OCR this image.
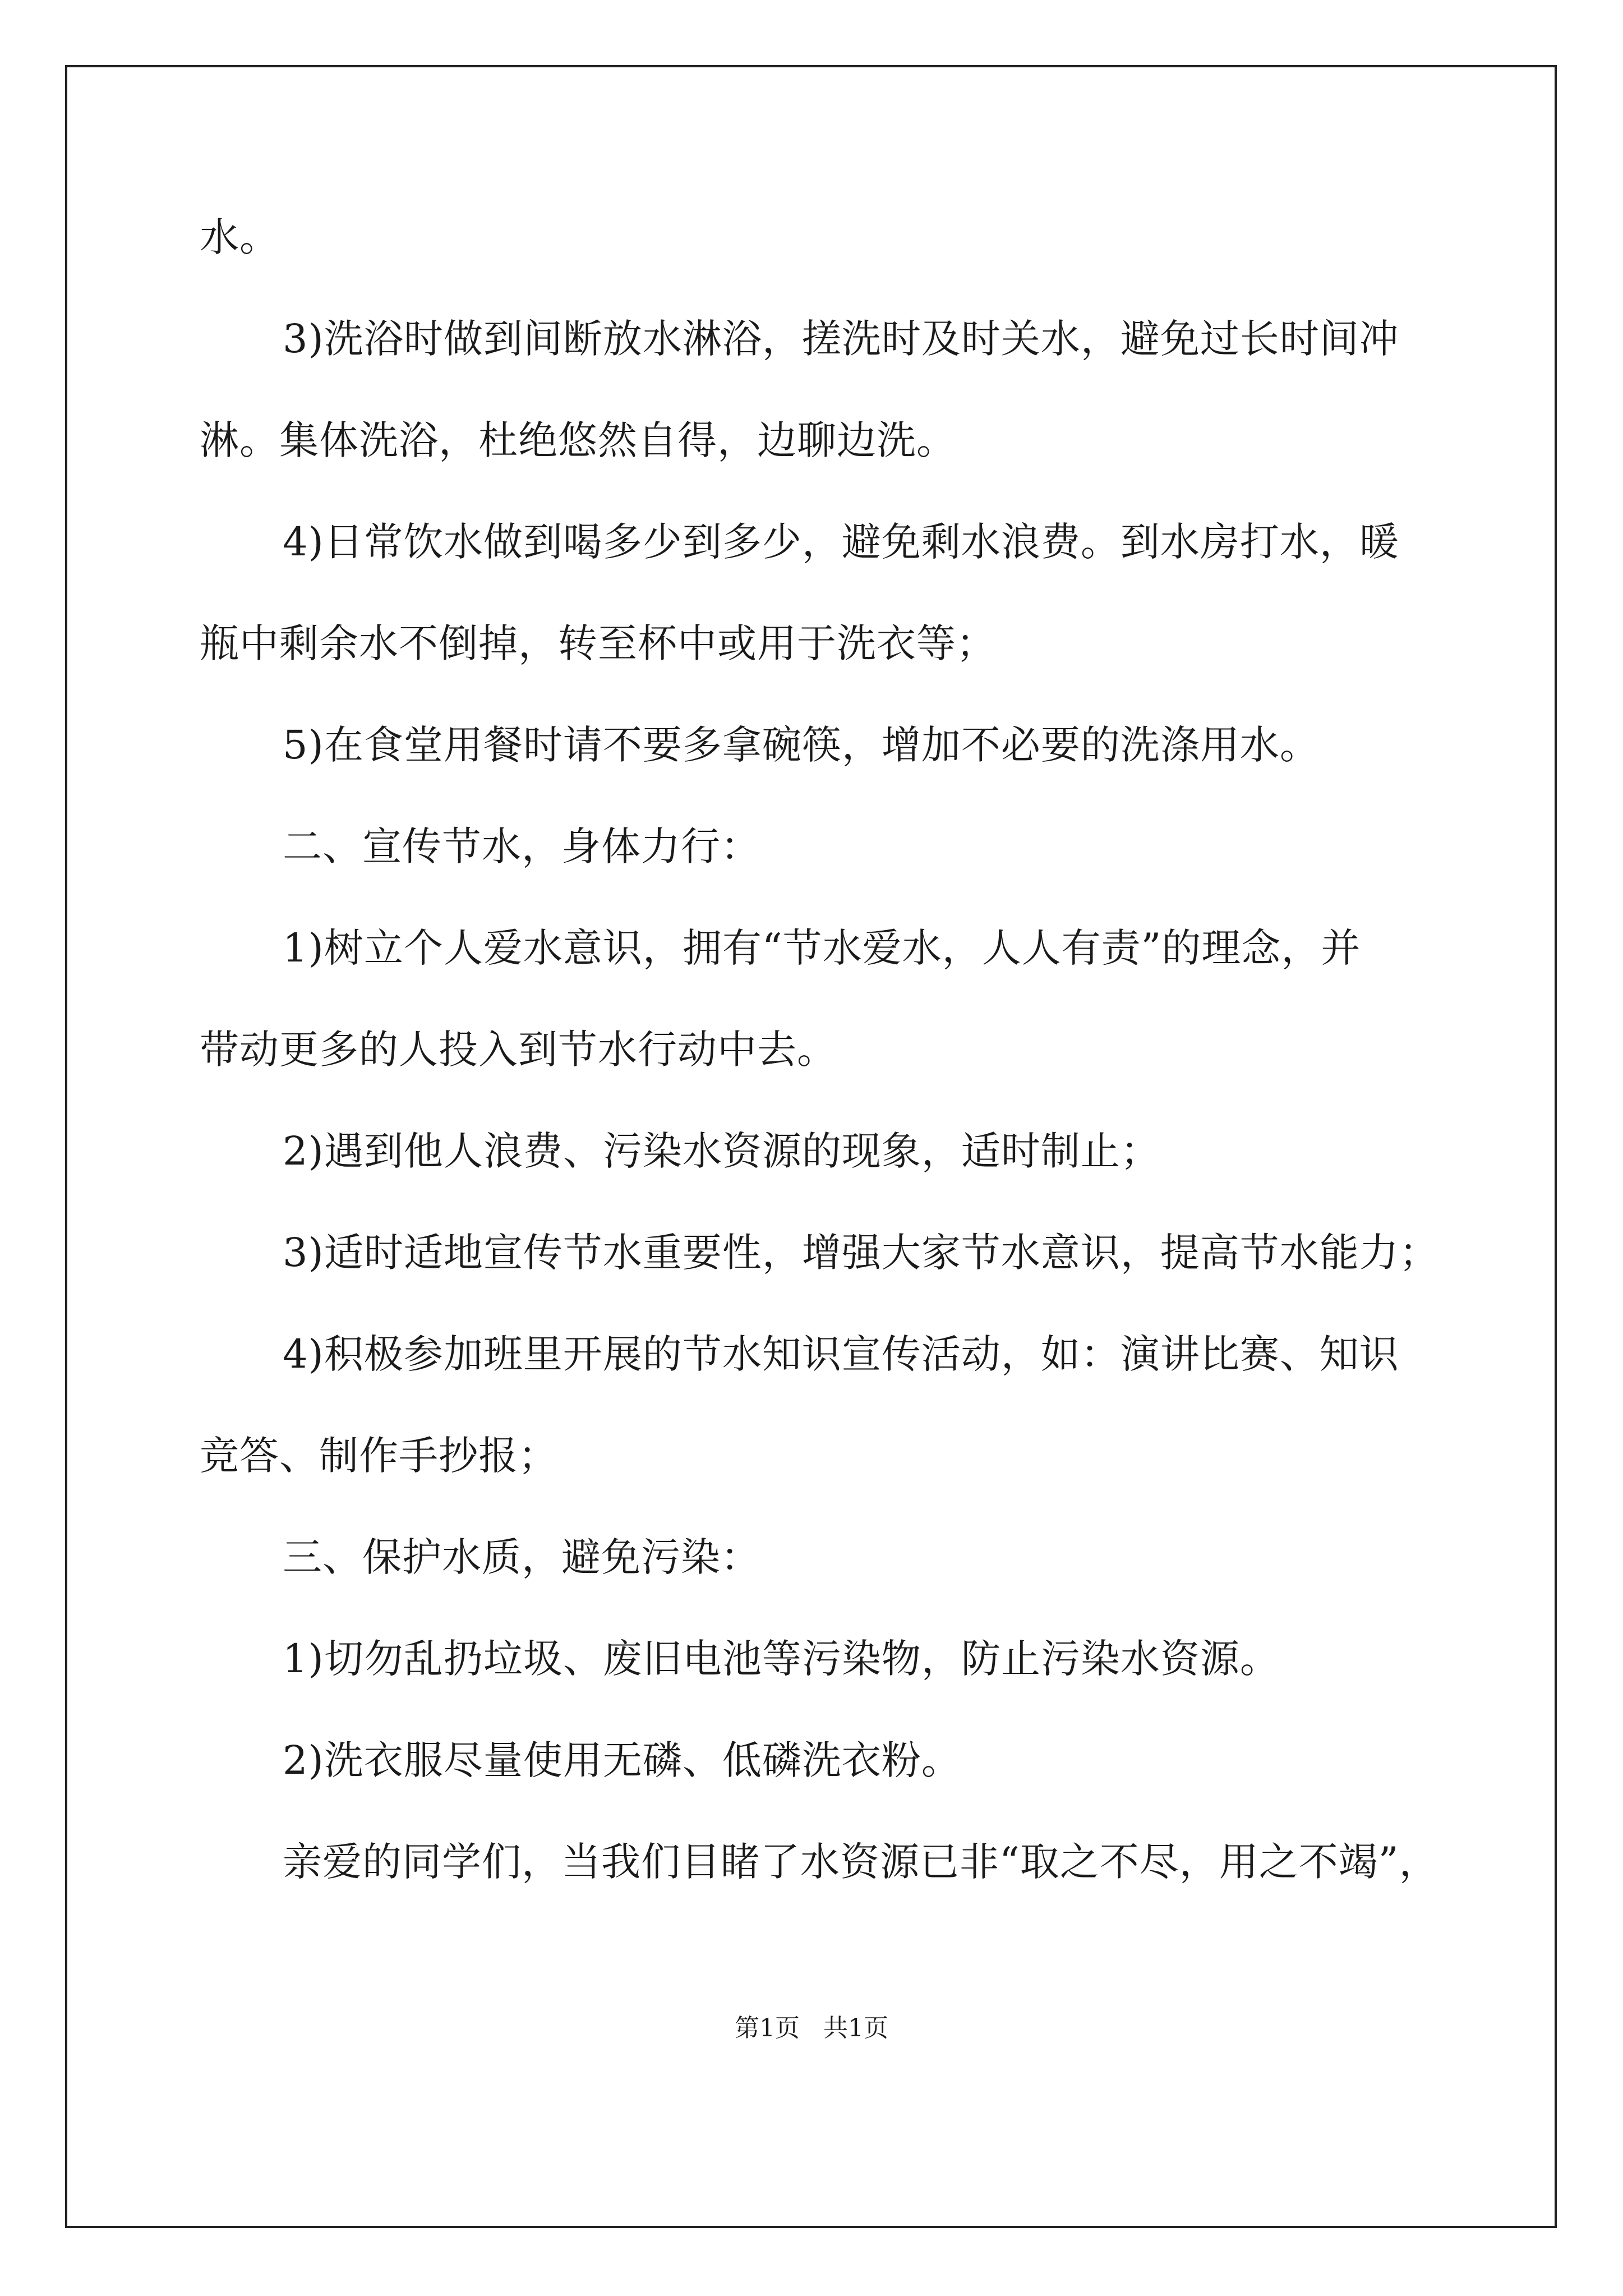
水。
3)洗浴时做到间断放水淋浴，搓洗时及时关水，避免过长时间冲
淋。集体洗浴，杜绝悠然自得，边聊边洗。
4)日常饮水做到喝多少到多少，避免剩水浪费。到水房打水，暖
瓶中剩余水不倒掉，转至杯中或用于洗衣等；
5)在食堂用餐时请不要多拿碗筷，增加不必要的洗涤用水。
二、宣传节水，身体力行：
1)树立个人爱水意识，拥有“节水爱水，人人有责”的理念，并
带动更多的人投入到节水行动中去。
2)遇到他人浪费、污染水资源的现象，适时制止；
3)适时适地宣传节水重要性，增强大家节水意识，提高节水能力；
4)积极参加班里开展的节水知识宣传活动，如：演讲比赛、知识
竞答、制作手抄报；
三、保护水质，避免污染：
1)切勿乱扔垃圾、废旧电池等污染物，防止污染水资源。
2)洗衣服尽量使用无磷、低磷洗衣粉。
亲爱的同学们，当我们目睹了水资源已非“取之不尽，用之不竭”，
第1页   共1页
